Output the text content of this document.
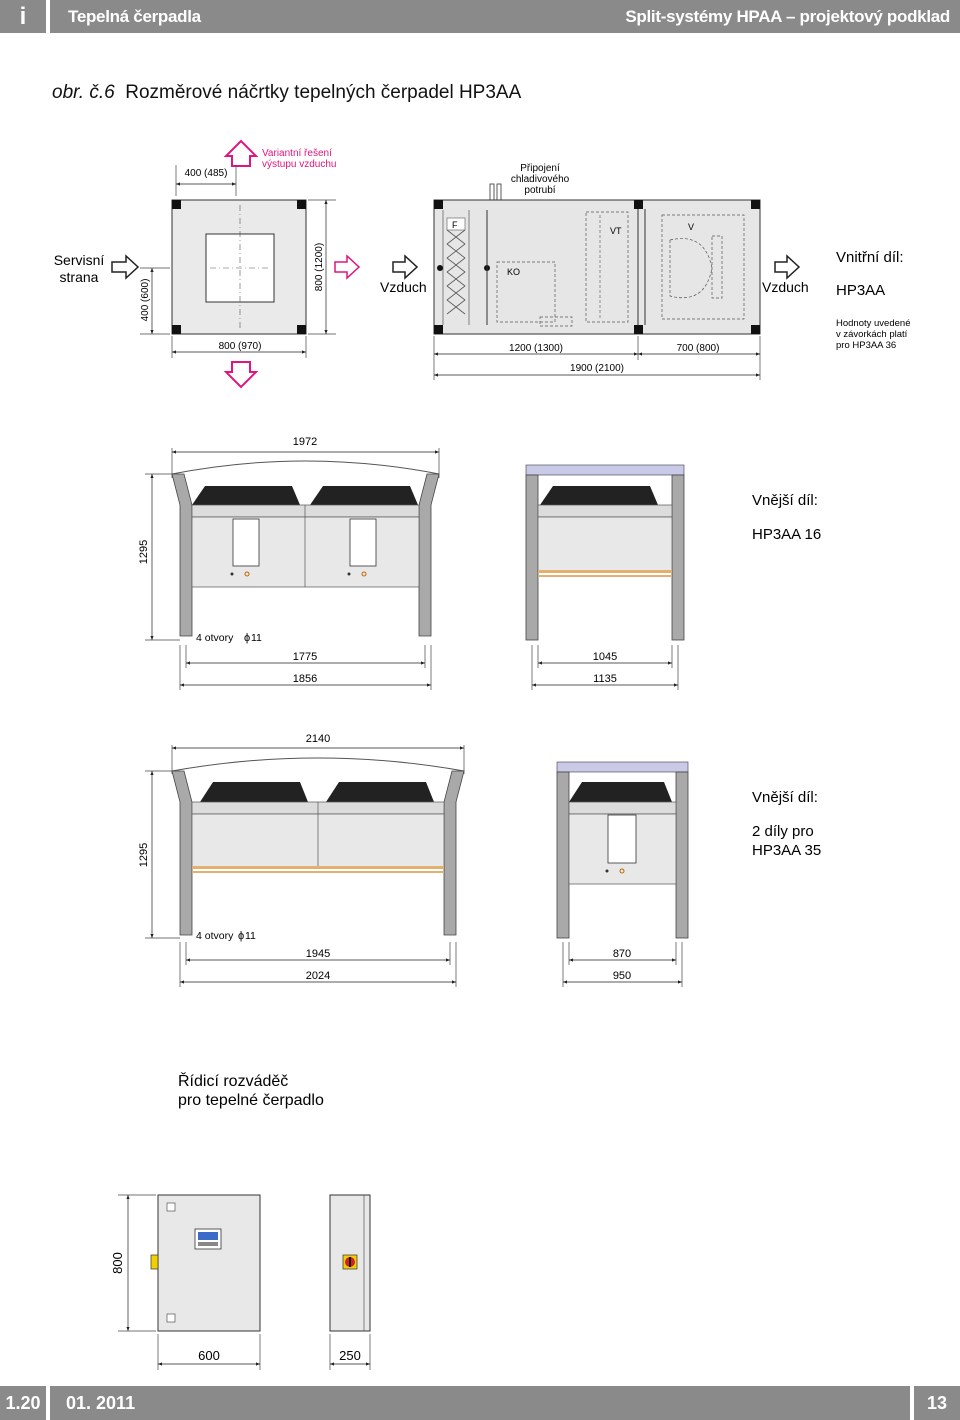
i	Tepelná čerpadla	Split-systémy HPAA – projektový podklad
obr. č.6 Rozměrové náčrtky tepelných čerpadel HP3AA
Variantní řešení
výstupu vzduchu
400 (485)
Servisní
strana
400 (600)
800 (1200)
800 (970)
Připojení
chladivového
potrubí
F
KO
VT	V
Vzduch	Vzduch
1200 (1300)	700 (800)
1900 (2100)
Vnitřní díl:
HP3AA
Hodnoty uvedené
v závorkách platí
pro HP3AA 36
1972
1295
4 otvory ϕ 11
1775
1856
1045
1135
Vnější díl:
HP3AA 16
2140
1295
4 otvory ϕ 11
1945
2024
870
950
Vnější díl:
2 díly pro
HP3AA 35
Řídicí rozváděč
pro tepelné čerpadlo
800
600	250
1.20	01. 2011	13
